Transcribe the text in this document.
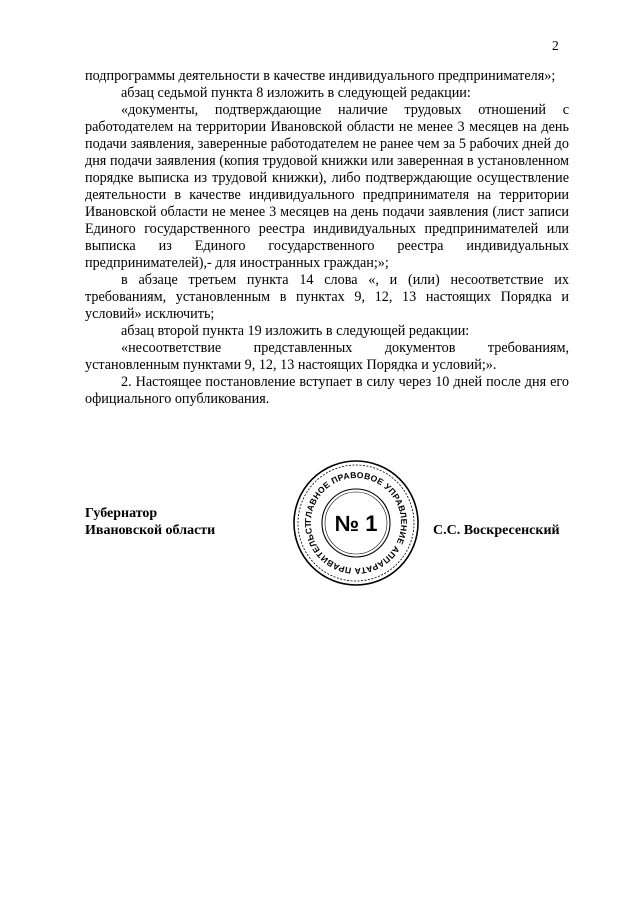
2

подпрограммы деятельности в качестве индивидуального предпринимателя»;

абзац седьмой пункта 8 изложить в следующей редакции:

«документы, подтверждающие наличие трудовых отношений с работодателем на территории Ивановской области не менее 3 месяцев на день подачи заявления, заверенные работодателем не ранее чем за 5 рабочих дней до дня подачи заявления (копия трудовой книжки или заверенная в установленном порядке выписка из трудовой книжки), либо подтверждающие осуществление деятельности в качестве индивидуального предпринимателя на территории Ивановской области не менее 3 месяцев на день подачи заявления (лист записи Единого государственного реестра индивидуальных предпринимателей или выписка из Единого государственного реестра индивидуальных предпринимателей),- для иностранных граждан;»;

в абзаце третьем пункта 14 слова «, и (или) несоответствие их требованиям, установленным в пунктах 9, 12, 13 настоящих Порядка и условий» исключить;

абзац второй пункта 19 изложить в следующей редакции:

«несоответствие представленных документов требованиям, установленным пунктами 9, 12, 13 настоящих Порядка и условий;».

2. Настоящее постановление вступает в силу через 10 дней после дня его официального опубликования.

Губернатор
Ивановской области
ГЛАВНОЕ ПРАВОВОЕ УПРАВЛЕНИЕ АППАРАТА ПРАВИТЕЛЬСТ № 1	С.С. Воскресенский
